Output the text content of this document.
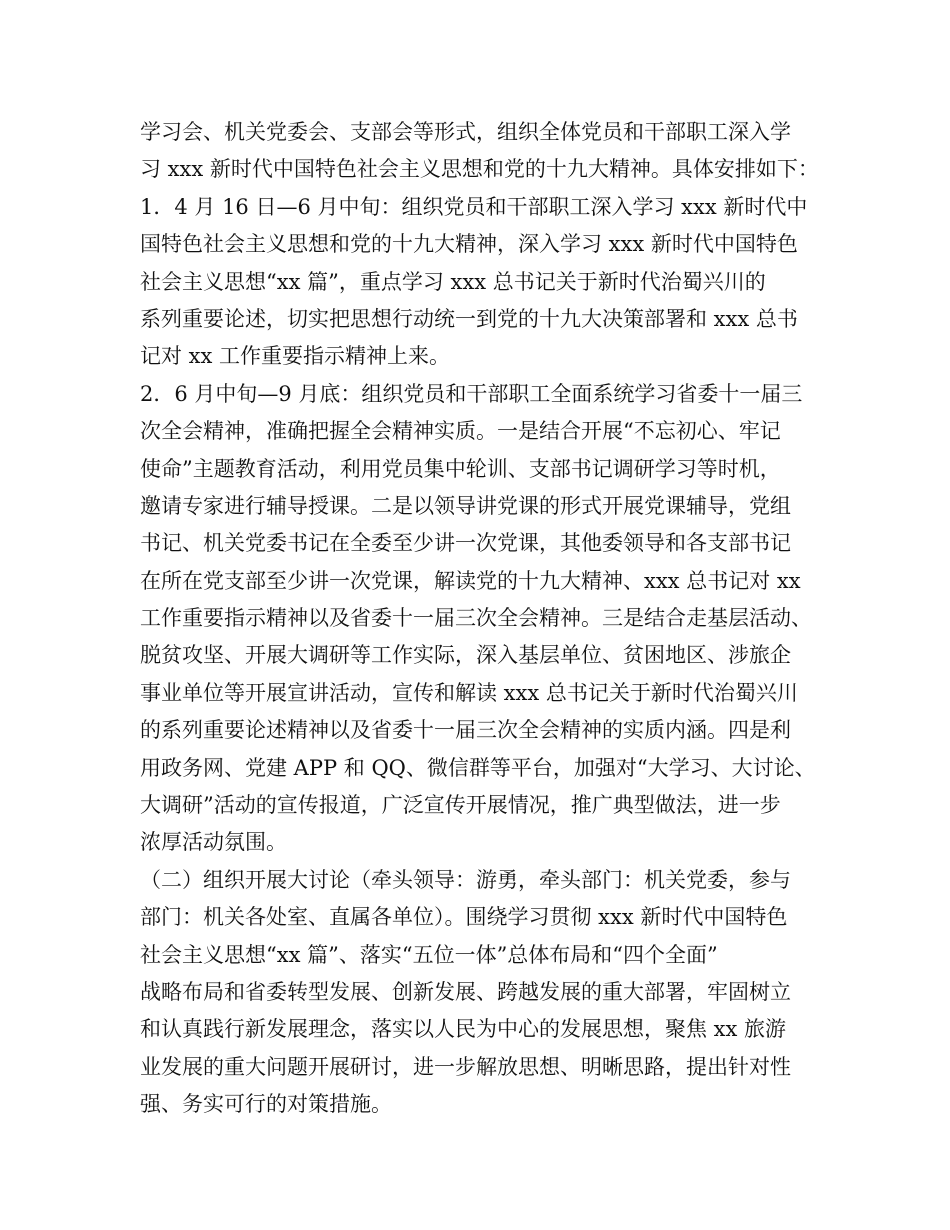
学习会、机关党委会、支部会等形式，组织全体党员和干部职工深入学
习 xxx 新时代中国特色社会主义思想和党的十九大精神。具体安排如下：
1．4 月 16 日—6 月中旬：组织党员和干部职工深入学习 xxx 新时代中
国特色社会主义思想和党的十九大精神，深入学习 xxx 新时代中国特色
社会主义思想“xx 篇”，重点学习 xxx 总书记关于新时代治蜀兴川的
系列重要论述，切实把思想行动统一到党的十九大决策部署和 xxx 总书
记对 xx 工作重要指示精神上来。
2．6 月中旬—9 月底：组织党员和干部职工全面系统学习省委十一届三
次全会精神，准确把握全会精神实质。一是结合开展“不忘初心、牢记
使命”主题教育活动，利用党员集中轮训、支部书记调研学习等时机，
邀请专家进行辅导授课。二是以领导讲党课的形式开展党课辅导，党组
书记、机关党委书记在全委至少讲一次党课，其他委领导和各支部书记
在所在党支部至少讲一次党课，解读党的十九大精神、xxx 总书记对 xx
工作重要指示精神以及省委十一届三次全会精神。三是结合走基层活动、
脱贫攻坚、开展大调研等工作实际，深入基层单位、贫困地区、涉旅企
事业单位等开展宣讲活动，宣传和解读 xxx 总书记关于新时代治蜀兴川
的系列重要论述精神以及省委十一届三次全会精神的实质内涵。四是利
用政务网、党建 APP 和 QQ、微信群等平台，加强对“大学习、大讨论、
大调研”活动的宣传报道，广泛宣传开展情况，推广典型做法，进一步
浓厚活动氛围。
（二）组织开展大讨论（牵头领导：游勇，牵头部门：机关党委，参与
部门：机关各处室、直属各单位）。围绕学习贯彻 xxx 新时代中国特色
社会主义思想“xx 篇”、落实“五位一体”总体布局和“四个全面”
战略布局和省委转型发展、创新发展、跨越发展的重大部署，牢固树立
和认真践行新发展理念，落实以人民为中心的发展思想，聚焦 xx 旅游
业发展的重大问题开展研讨，进一步解放思想、明晰思路，提出针对性
强、务实可行的对策措施。
